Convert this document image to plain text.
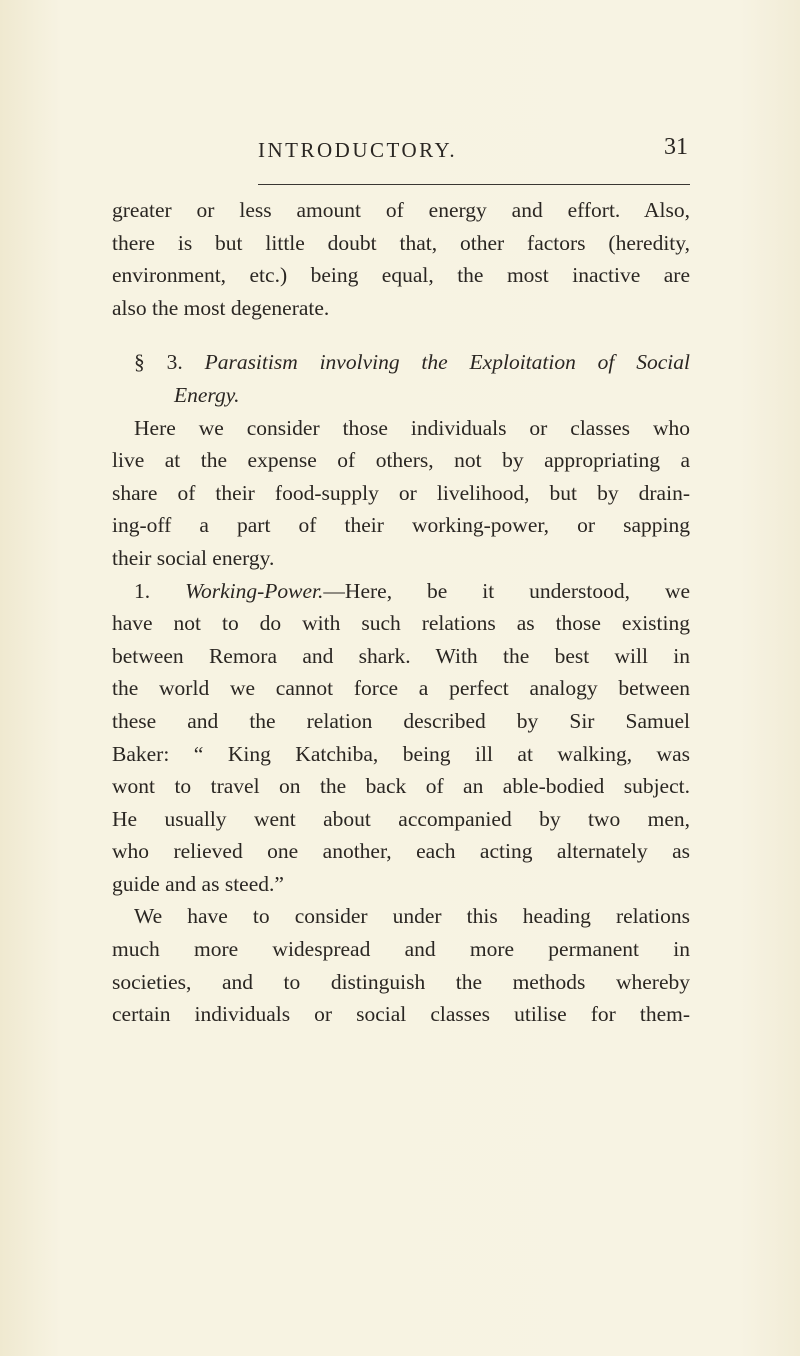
INTRODUCTORY.	31
greater or less amount of energy and effort. Also,
there is but little doubt that, other factors (heredity,
environment, etc.) being equal, the most inactive are
also the most degenerate.
§ 3. Parasitism involving the Exploitation of Social
Energy.
Here we consider those individuals or classes who
live at the expense of others, not by appropriating a
share of their food-supply or livelihood, but by drain-
ing-off a part of their working-power, or sapping
their social energy.
1. Working-Power.—Here, be it understood, we
have not to do with such relations as those existing
between Remora and shark. With the best will in
the world we cannot force a perfect analogy between
these and the relation described by Sir Samuel
Baker: “ King Katchiba, being ill at walking, was
wont to travel on the back of an able-bodied subject.
He usually went about accompanied by two men,
who relieved one another, each acting alternately as
guide and as steed.”
We have to consider under this heading relations
much more widespread and more permanent in
societies, and to distinguish the methods whereby
certain individuals or social classes utilise for them-
